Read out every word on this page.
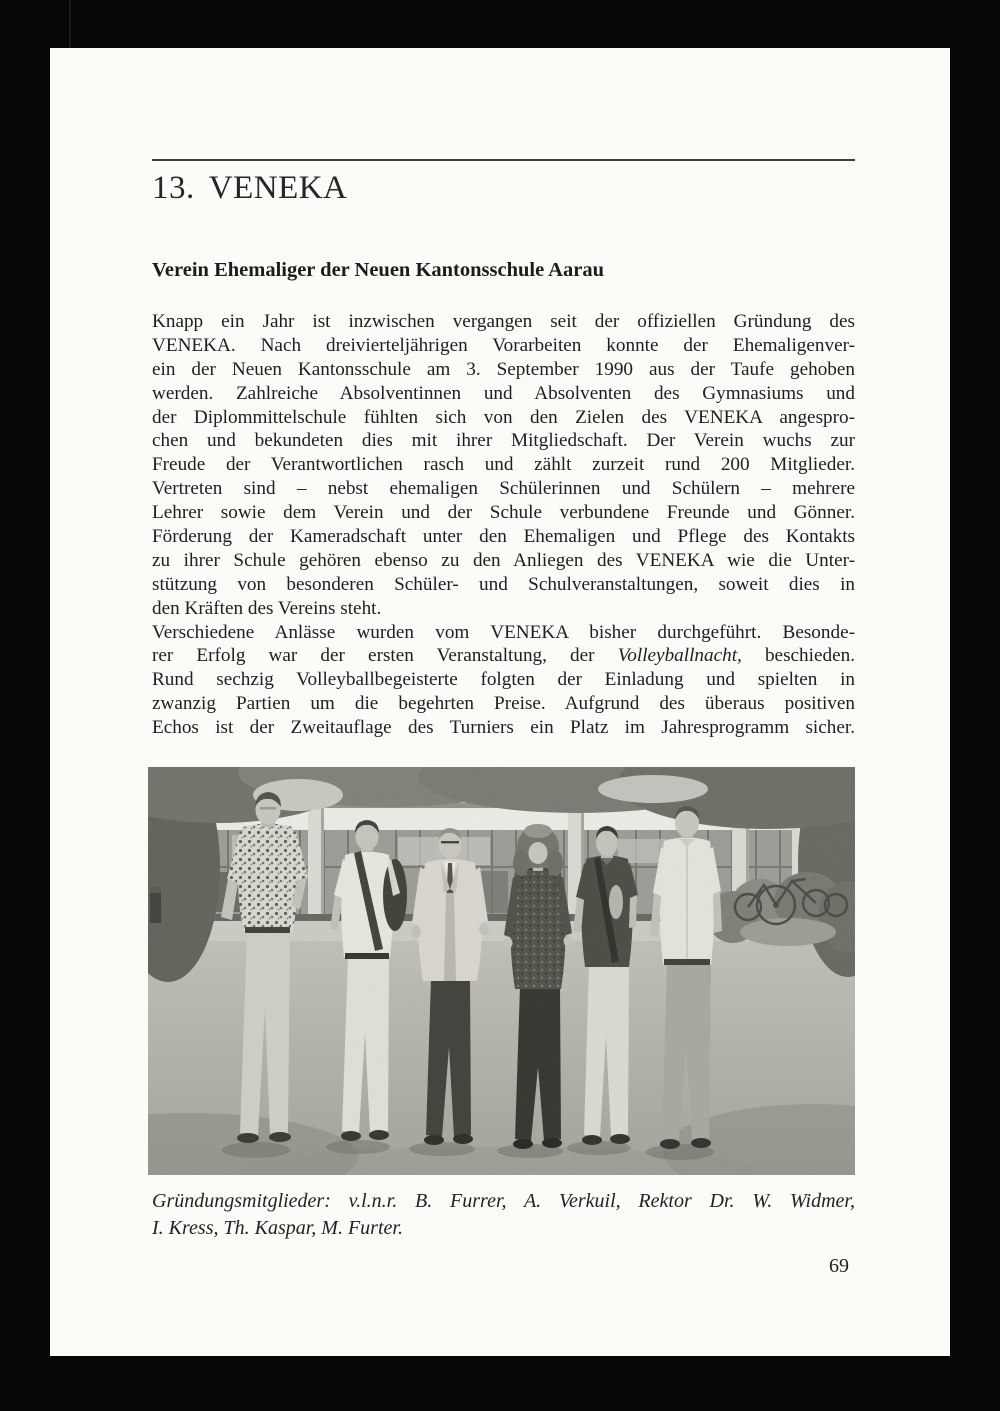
13. VENEKA
Verein Ehemaliger der Neuen Kantonsschule Aarau
Knapp ein Jahr ist inzwischen vergangen seit der offiziellen Gründung des
VENEKA. Nach dreivierteljährigen Vorarbeiten konnte der Ehemaligenver-
ein der Neuen Kantonsschule am 3. September 1990 aus der Taufe gehoben
werden. Zahlreiche Absolventinnen und Absolventen des Gymnasiums und
der Diplommittelschule fühlten sich von den Zielen des VENEKA angespro-
chen und bekundeten dies mit ihrer Mitgliedschaft. Der Verein wuchs zur
Freude der Verantwortlichen rasch und zählt zurzeit rund 200 Mitglieder.
Vertreten sind – nebst ehemaligen Schülerinnen und Schülern – mehrere
Lehrer sowie dem Verein und der Schule verbundene Freunde und Gönner.
Förderung der Kameradschaft unter den Ehemaligen und Pflege des Kontakts
zu ihrer Schule gehören ebenso zu den Anliegen des VENEKA wie die Unter-
stützung von besonderen Schüler- und Schulveranstaltungen, soweit dies in
den Kräften des Vereins steht.
Verschiedene Anlässe wurden vom VENEKA bisher durchgeführt. Besonde-
rer Erfolg war der ersten Veranstaltung, der Volleyballnacht, beschieden.
Rund sechzig Volleyballbegeisterte folgten der Einladung und spielten in
zwanzig Partien um die begehrten Preise. Aufgrund des überaus positiven
Echos ist der Zweitauflage des Turniers ein Platz im Jahresprogramm sicher.
Gründungsmitglieder: v.l.n.r. B. Furrer, A. Verkuil, Rektor Dr. W. Widmer,
I. Kress, Th. Kaspar, M. Furter.
69
